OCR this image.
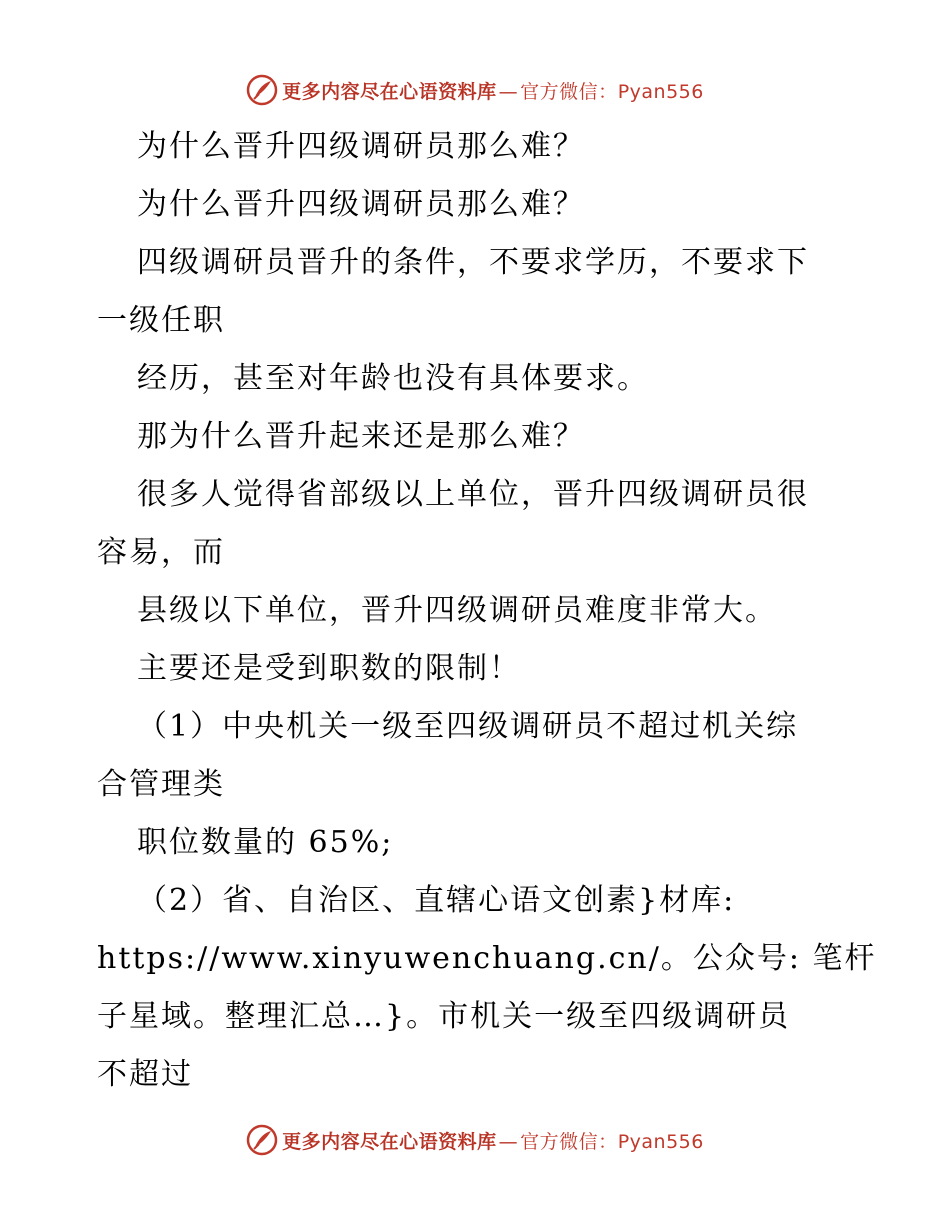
更多内容尽在心语资料库 — 官方微信：Pyan556
为什么晋升四级调研员那么难？
为什么晋升四级调研员那么难？
四级调研员晋升的条件，不要求学历，不要求下
一级任职
经历，甚至对年龄也没有具体要求。
那为什么晋升起来还是那么难？
很多人觉得省部级以上单位，晋升四级调研员很
容易，而
县级以下单位，晋升四级调研员难度非常大。
主要还是受到职数的限制！
（1）中央机关一级至四级调研员不超过机关综
合管理类
职位数量的 65%;
（2）省、自治区、直辖心语文创素}材库:
https://www.xinyuwenchuang.cn/。公众号: 笔杆
子星域。整理汇总…}。市机关一级至四级调研员
不超过
更多内容尽在心语资料库 — 官方微信：Pyan556
